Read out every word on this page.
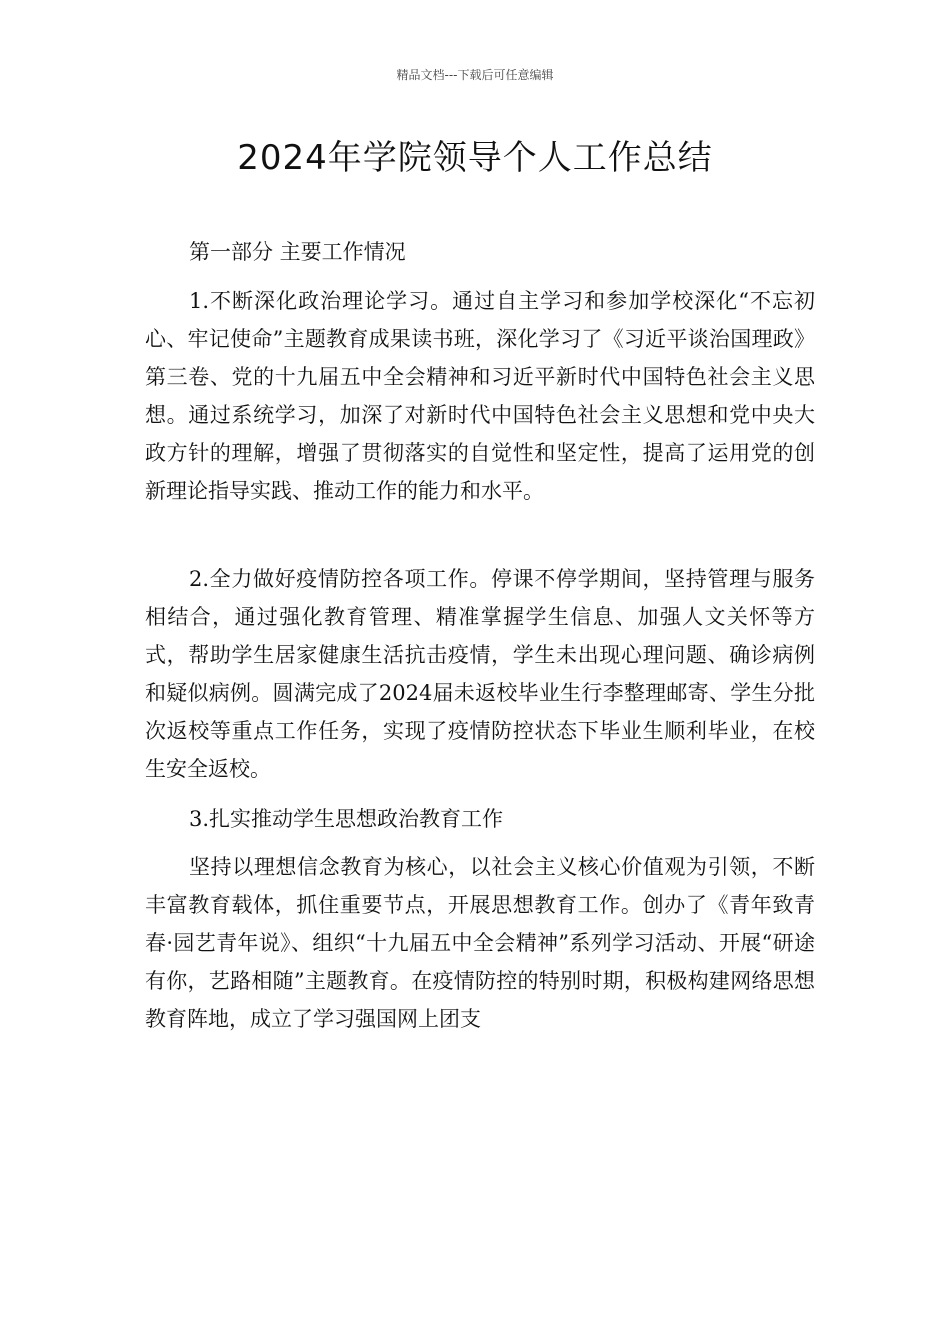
精品文档---下载后可任意编辑
2024年学院领导个人工作总结

第一部分 主要工作情况

1.不断深化政治理论学习。通过自主学习和参加学校深化“不忘初心、牢记使命”主题教育成果读书班，深化学习了《习近平谈治国理政》第三卷、党的十九届五中全会精神和习近平新时代中国特色社会主义思想。通过系统学习，加深了对新时代中国特色社会主义思想和党中央大政方针的理解，增强了贯彻落实的自觉性和坚定性，提高了运用党的创新理论指导实践、推动工作的能力和水平。

2.全力做好疫情防控各项工作。停课不停学期间，坚持管理与服务相结合，通过强化教育管理、精准掌握学生信息、加强人文关怀等方式，帮助学生居家健康生活抗击疫情，学生未出现心理问题、确诊病例和疑似病例。圆满完成了2024届未返校毕业生行李整理邮寄、学生分批次返校等重点工作任务，实现了疫情防控状态下毕业生顺利毕业，在校生安全返校。

3.扎实推动学生思想政治教育工作

坚持以理想信念教育为核心，以社会主义核心价值观为引领，不断丰富教育载体，抓住重要节点，开展思想教育工作。创办了《青年致青春·园艺青年说》、组织“十九届五中全会精神”系列学习活动、开展“研途有你，艺路相随”主题教育。在疫情防控的特别时期，积极构建网络思想教育阵地，成立了学习强国网上团支
